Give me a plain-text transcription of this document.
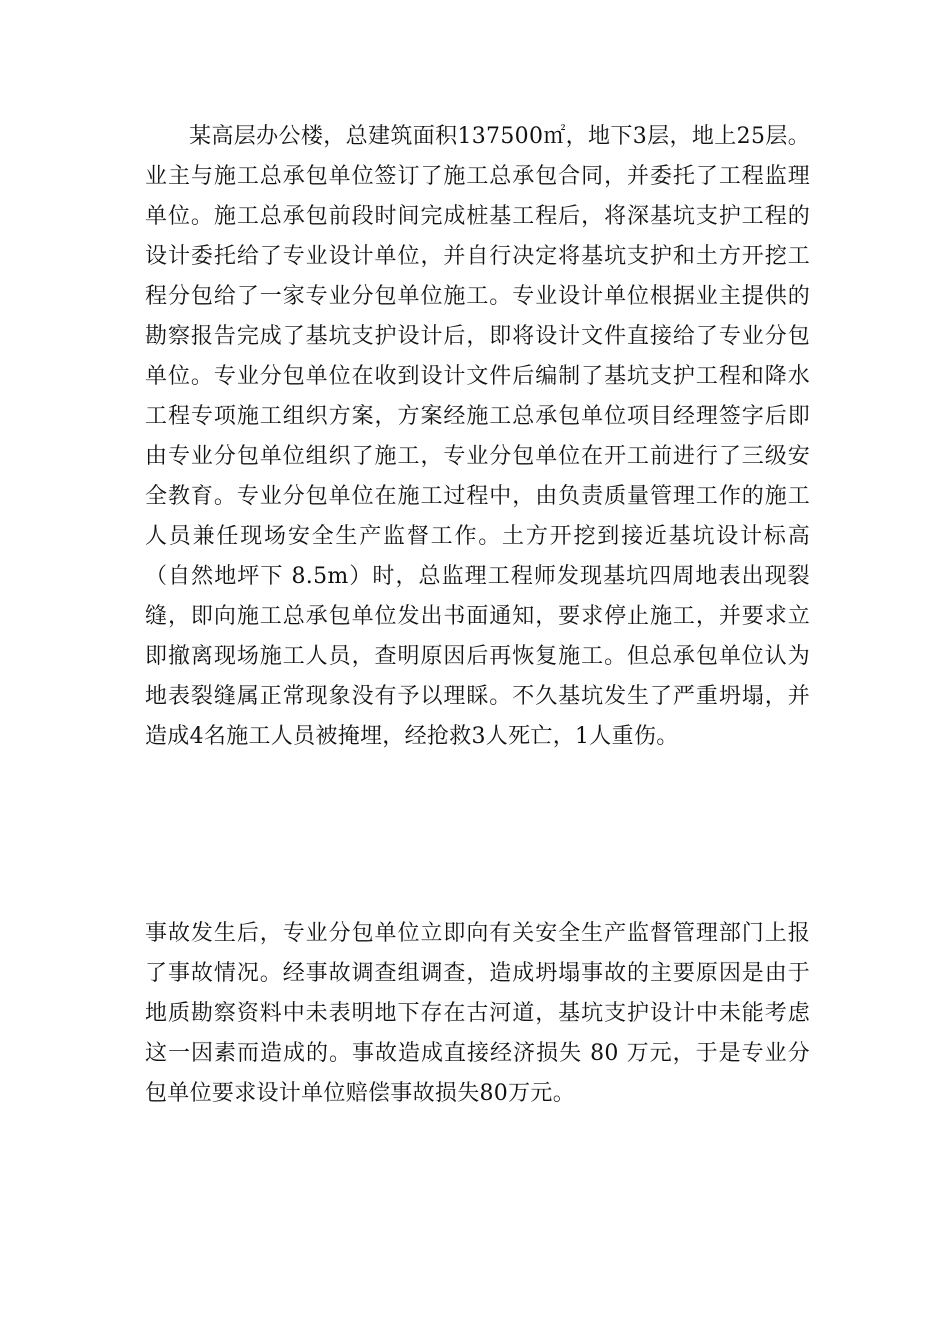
某高层办公楼，总建筑面积137500㎡，地下3层，地上25层。业主与施工总承包单位签订了施工总承包合同，并委托了工程监理单位。施工总承包前段时间完成桩基工程后，将深基坑支护工程的设计委托给了专业设计单位，并自行决定将基坑支护和土方开挖工程分包给了一家专业分包单位施工。专业设计单位根据业主提供的勘察报告完成了基坑支护设计后，即将设计文件直接给了专业分包单位。专业分包单位在收到设计文件后编制了基坑支护工程和降水工程专项施工组织方案，方案经施工总承包单位项目经理签字后即由专业分包单位组织了施工，专业分包单位在开工前进行了三级安全教育。专业分包单位在施工过程中，由负责质量管理工作的施工人员兼任现场安全生产监督工作。土方开挖到接近基坑设计标高（自然地坪下 8.5m）时，总监理工程师发现基坑四周地表出现裂缝，即向施工总承包单位发出书面通知，要求停止施工，并要求立即撤离现场施工人员，查明原因后再恢复施工。但总承包单位认为地表裂缝属正常现象没有予以理睬。不久基坑发生了严重坍塌，并造成4名施工人员被掩埋，经抢救3人死亡，1人重伤。

事故发生后，专业分包单位立即向有关安全生产监督管理部门上报了事故情况。经事故调查组调查，造成坍塌事故的主要原因是由于地质勘察资料中未表明地下存在古河道，基坑支护设计中未能考虑这一因素而造成的。事故造成直接经济损失 80 万元，于是专业分包单位要求设计单位赔偿事故损失80万元。
